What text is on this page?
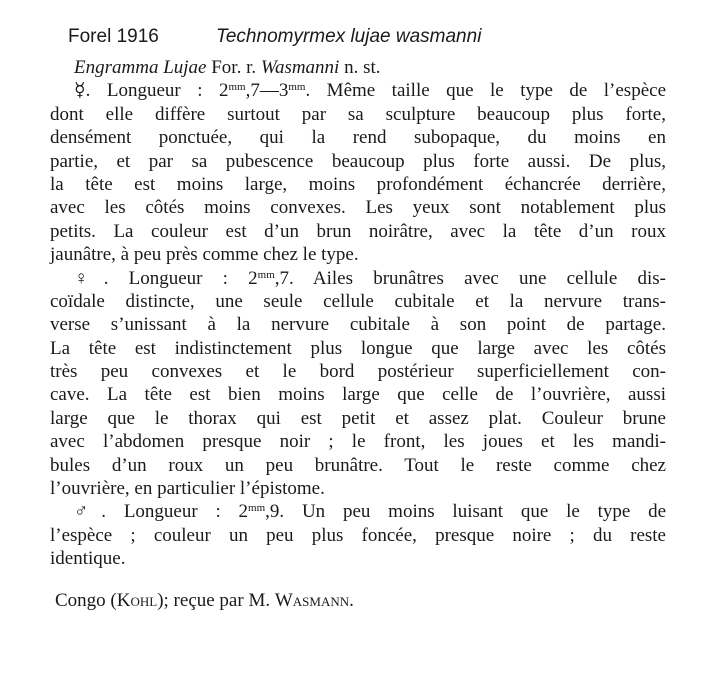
Forel 1916	Technomyrmex lujae wasmanni
Engramma Lujae For. r. Wasmanni n. st.
☿. Longueur : $2^{mm},7—3^{mm}$. Même taille que le type de l’espèce
dont elle diffère surtout par sa sculpture beaucoup plus forte,
densément ponctuée, qui la rend subopaque, du moins en
partie, et par sa pubescence beaucoup plus forte aussi. De plus,
la tête est moins large, moins profondément échancrée derrière,
avec les côtés moins convexes. Les yeux sont notablement plus
petits. La couleur est d’un brun noirâtre, avec la tête d’un roux
jaunâtre, à peu près comme chez le type.
♀. Longueur : $2^{mm},7$. Ailes brunâtres avec une cellule dis-
coïdale distincte, une seule cellule cubitale et la nervure trans-
verse s’unissant à la nervure cubitale à son point de partage.
La tête est indistinctement plus longue que large avec les côtés
très peu convexes et le bord postérieur superficiellement con-
cave. La tête est bien moins large que celle de l’ouvrière, aussi
large que le thorax qui est petit et assez plat. Couleur brune
avec l’abdomen presque noir ; le front, les joues et les mandi-
bules d’un roux un peu brunâtre. Tout le reste comme chez
l’ouvrière, en particulier l’épistome.
♂. Longueur : $2^{mm},9$. Un peu moins luisant que le type de
l’espèce ; couleur un peu plus foncée, presque noire ; du reste
identique.
Congo (Kohl); reçue par M. Wasmann.
